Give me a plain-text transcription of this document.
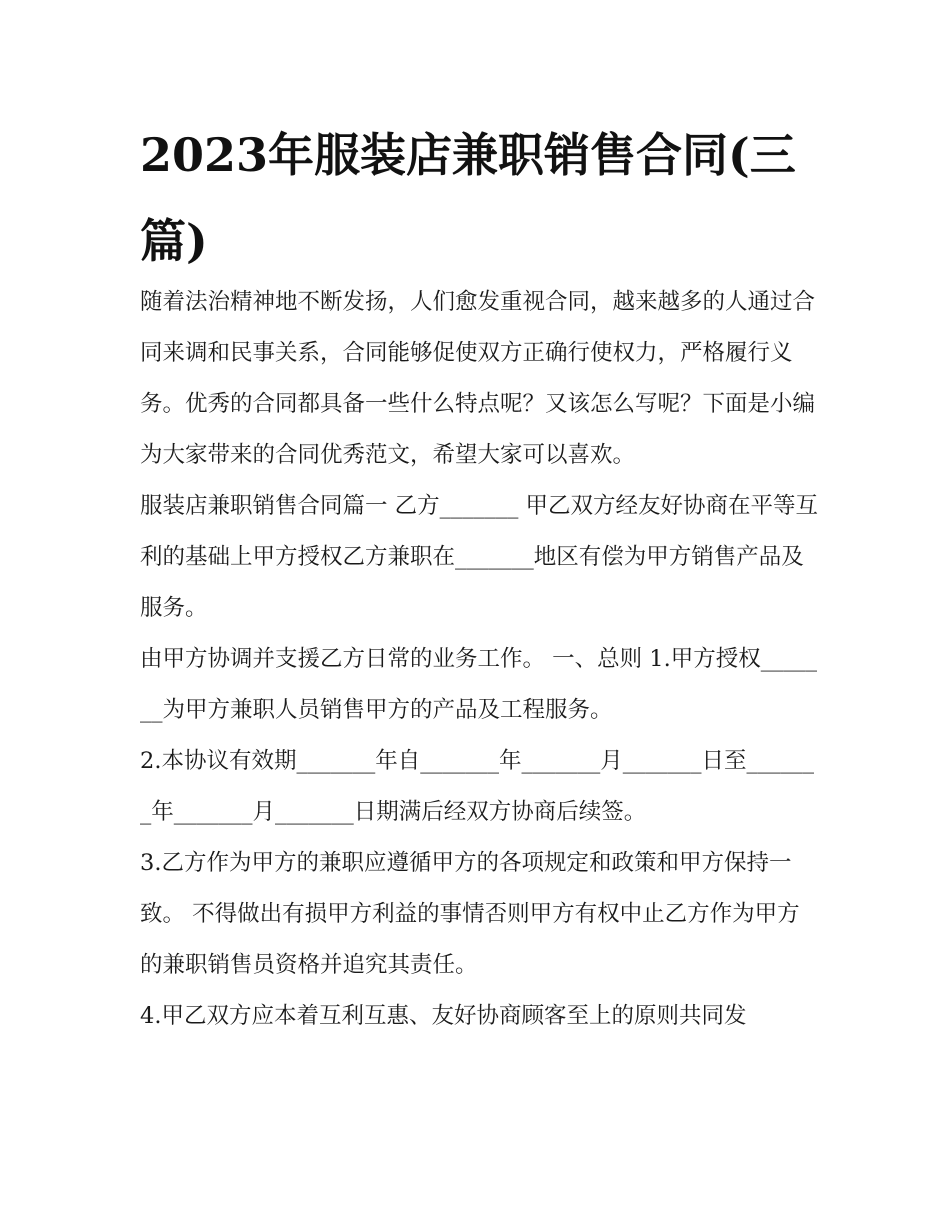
2023年服装店兼职销售合同(三篇)

随着法治精神地不断发扬，人们愈发重视合同，越来越多的人通过合同来调和民事关系，合同能够促使双方正确行使权力，严格履行义务。优秀的合同都具备一些什么特点呢？又该怎么写呢？下面是小编为大家带来的合同优秀范文，希望大家可以喜欢。

服装店兼职销售合同篇一 乙方_______ 甲乙双方经友好协商在平等互利的基础上甲方授权乙方兼职在_______地区有偿为甲方销售产品及服务。

由甲方协调并支援乙方日常的业务工作。 一、总则 1.甲方授权_______为甲方兼职人员销售甲方的产品及工程服务。

2.本协议有效期_______年自_______年_______月_______日至_______年_______月_______日期满后经双方协商后续签。

3.乙方作为甲方的兼职应遵循甲方的各项规定和政策和甲方保持一致。 不得做出有损甲方利益的事情否则甲方有权中止乙方作为甲方的兼职销售员资格并追究其责任。

4.甲乙双方应本着互利互惠、友好协商顾客至上的原则共同发
